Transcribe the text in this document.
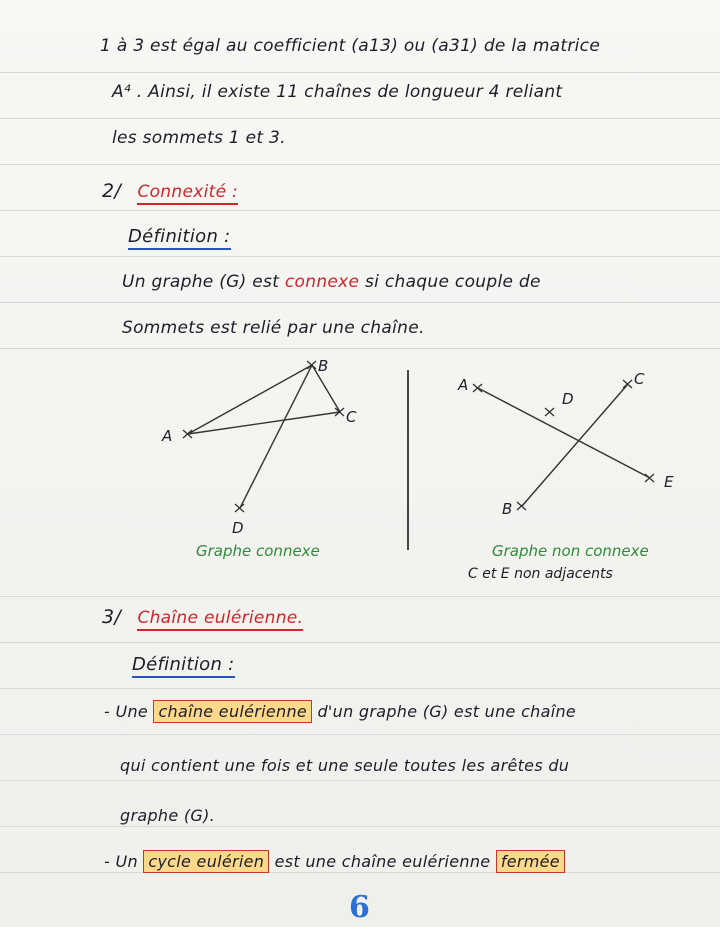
1 à 3 est égal au coefficient (a13) ou (a31) de la matrice
A⁴ . Ainsi, il existe 11 chaînes de longueur 4 reliant
les sommets 1 et 3.
2/ Connexité :
Définition :
Un graphe (G) est connexe si chaque couple de
Sommets est relié par une chaîne.
A
B
C
D
A
B
C
D
E
Graphe connexe	Graphe non connexe
C et E non adjacents
3/ Chaîne eulérienne.
Définition :
- Une chaîne eulérienne d'un graphe (G) est une chaîne
qui contient une fois et une seule toutes les arêtes du
graphe (G).
- Un cycle eulérien est une chaîne eulérienne fermée
6
